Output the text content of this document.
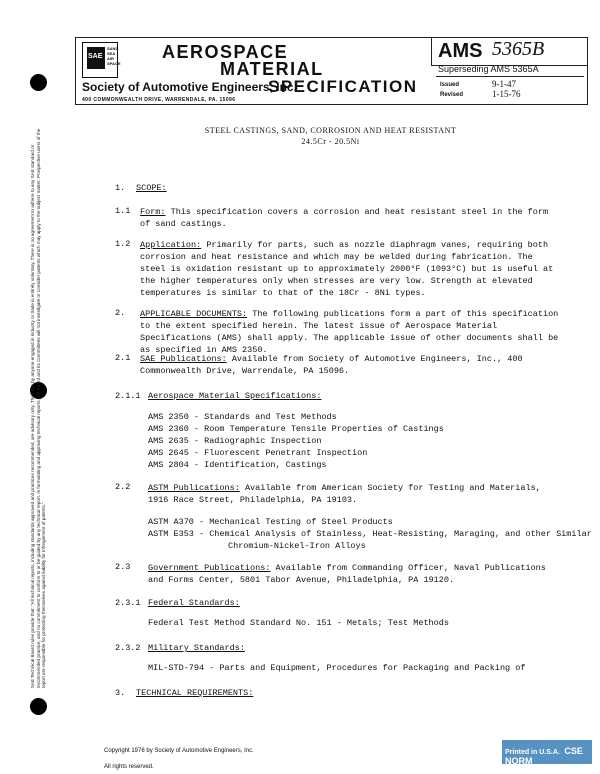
SAE
SAND
SEA
AIR
SPACE
AEROSPACE
MATERIAL
SPECIFICATION
Society of Automotive Engineers, Inc.
400 COMMONWEALTH DRIVE, WARRENDALE, PA. 15096
AMS 5365B
Superseding AMS 5365A
Issued	9-1-47
Revised	1-15-76
SAE Technical Board rules provide that: "All technical reports, including standards approved and practices recommended, are advisory only. Their use by anyone engaged in industry or trade is entirely voluntary. There is no agreement to adhere to any SAE standard or recommended practice, and no commitment to conform to or be guided by any technical report. In formulating and approving technical reports, the Board and its Committees will not investigate or consider patents which may apply to the subject matter. Prospective users of the report are responsible for protecting themselves against liability for infringement of patents."
STEEL CASTINGS, SAND, CORROSION AND HEAT RESISTANT
24.5Cr - 20.5Ni
1. SCOPE:
1.1 Form: This specification covers a corrosion and heat resistant steel in the form of sand castings.
1.2 Application: Primarily for parts, such as nozzle diaphragm vanes, requiring both corrosion and heat resistance and which may be welded during fabrication. The steel is oxidation resistant up to approximately 2000°F (1093°C) but is useful at the higher temperatures only when stresses are very low. Strength at elevated temperatures is similar to that of the 18Cr - 8Ni types.
2. APPLICABLE DOCUMENTS: The following publications form a part of this specification to the extent specified herein. The latest issue of Aerospace Material Specifications (AMS) shall apply. The applicable issue of other documents shall be as specified in AMS 2350.
2.1 SAE Publications: Available from Society of Automotive Engineers, Inc., 400 Commonwealth Drive, Warrendale, PA 15096.
2.1.1 Aerospace Material Specifications:
AMS 2350 - Standards and Test Methods
AMS 2360 - Room Temperature Tensile Properties of Castings
AMS 2635 - Radiographic Inspection
AMS 2645 - Fluorescent Penetrant Inspection
AMS 2804 - Identification, Castings
2.2 ASTM Publications: Available from American Society for Testing and Materials, 1916 Race Street, Philadelphia, PA 19103.
ASTM A370 - Mechanical Testing of Steel Products
ASTM E353 - Chemical Analysis of Stainless, Heat-Resisting, Maraging, and other Similar
Chromium-Nickel-Iron Alloys
2.3 Government Publications: Available from Commanding Officer, Naval Publications and Forms Center, 5801 Tabor Avenue, Philadelphia, PA 19120.
2.3.1 Federal Standards:
Federal Test Method Standard No. 151 - Metals; Test Methods
2.3.2 Military Standards:
MIL-STD-794 - Parts and Equipment, Procedures for Packaging and Packing of
3. TECHNICAL REQUIREMENTS:
Copyright 1976 by Society of Automotive Engineers, Inc.
All rights reserved.
Printed in U.S.A. CSE NORM
